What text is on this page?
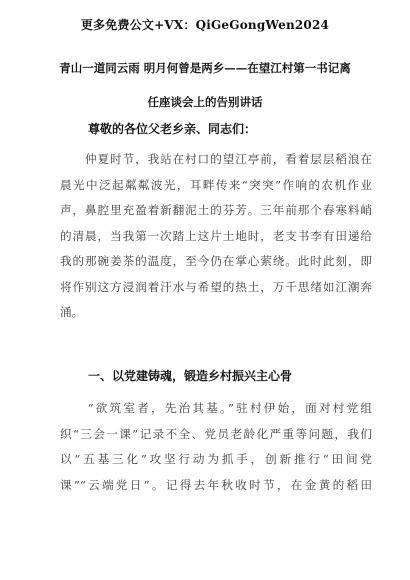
更多免费公文+VX：QiGeGongWen2024
青山一道同云雨 明月何曾是两乡——在望江村第一书记离
任座谈会上的告别讲话
尊敬的各位父老乡亲、同志们：
　　仲夏时节，我站在村口的望江亭前，看着层层稻浪在
晨光中泛起粼粼波光，耳畔传来“突突”作响的农机作业
声，鼻腔里充盈着新翻泥土的芬芳。三年前那个春寒料峭
的清晨，当我第一次踏上这片土地时，老支书李有田递给
我的那碗姜茶的温度，至今仍在掌心萦绕。此时此刻，即
将作别这方浸润着汗水与希望的热土，万千思绪如江潮奔
涌。
一、以党建铸魂，锻造乡村振兴主心骨
　　“欲筑室者，先治其基。”驻村伊始，面对村党组
织“三会一课”记录不全、党员老龄化严重等问题，我们
以“五基三化”攻坚行动为抓手，创新推行“田间党
课”“云端党日”。记得去年秋收时节，在金黄的稻田
